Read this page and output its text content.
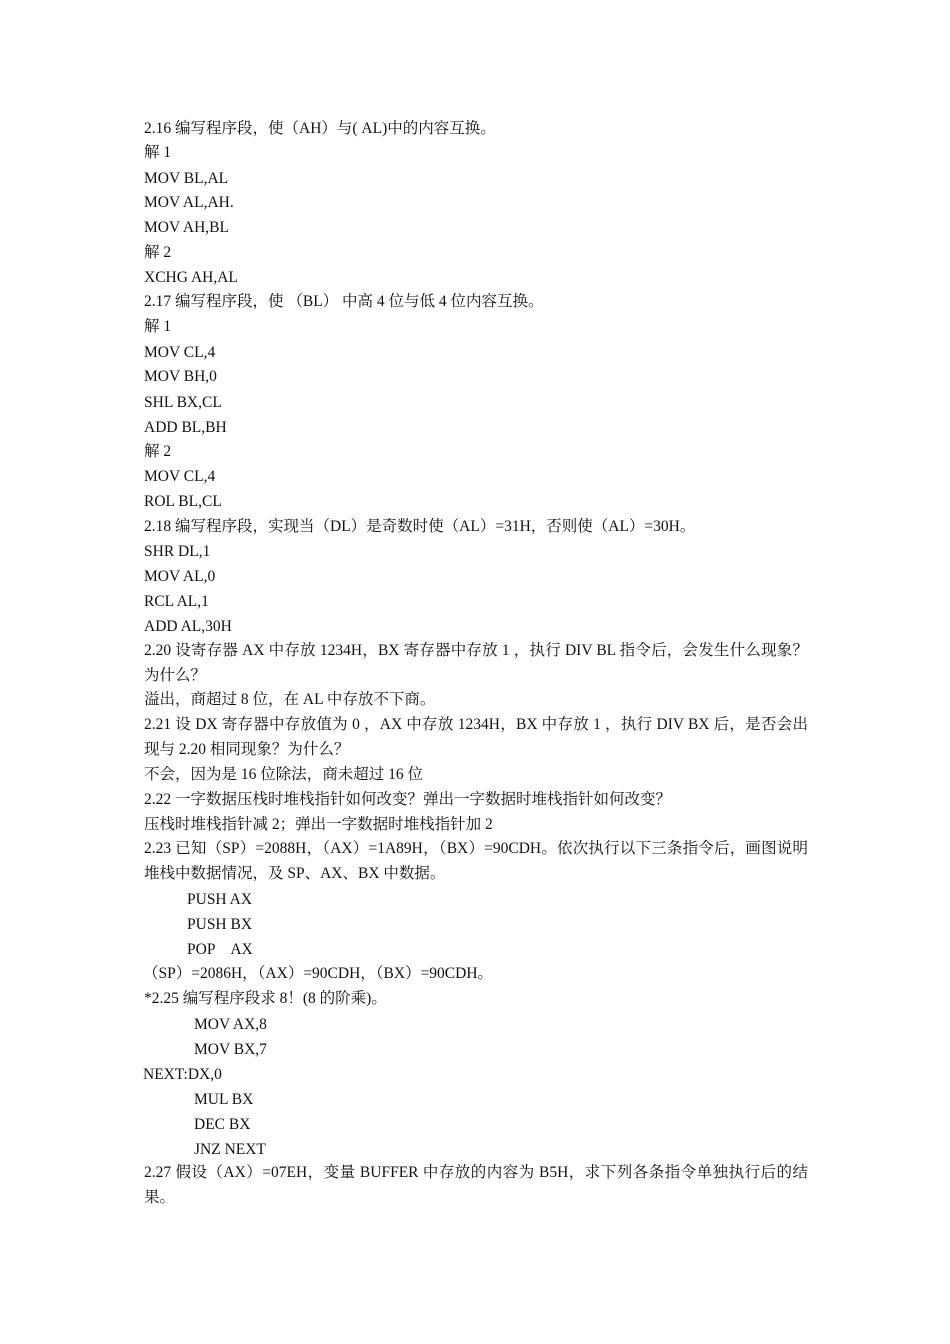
2.16 编写程序段，使（AH）与( AL)中的内容互换。
解 1
MOV BL,AL
MOV AL,AH.
MOV AH,BL
解 2
XCHG AH,AL
2.17 编写程序段，使 （BL） 中高 4 位与低 4 位内容互换。
解 1
MOV CL,4
MOV BH,0
SHL BX,CL
ADD BL,BH
解 2
MOV CL,4
ROL BL,CL
2.18 编写程序段，实现当（DL）是奇数时使（AL）=31H，否则使（AL）=30H。
SHR DL,1
MOV AL,0
RCL AL,1
ADD AL,30H
2.20 设寄存器 AX 中存放 1234H，BX 寄存器中存放 1 ，执行 DIV BL 指令后，会发生什么现象？为什么？
溢出，商超过 8 位，在 AL 中存放不下商。
2.21 设 DX 寄存器中存放值为 0 ，AX 中存放 1234H，BX 中存放 1 ，执行 DIV BX 后，是否会出现与 2.20 相同现象？为什么？
不会，因为是 16 位除法，商未超过 16 位
2.22 一字数据压栈时堆栈指针如何改变？弹出一字数据时堆栈指针如何改变？
压栈时堆栈指针减 2；弹出一字数据时堆栈指针加 2
2.23 已知（SP）=2088H，（AX）=1A89H，（BX）=90CDH。依次执行以下三条指令后，画图说明堆栈中数据情况，及 SP、AX、BX 中数据。
PUSH AX
PUSH BX
POP　AX
（SP）=2086H，（AX）=90CDH，（BX）=90CDH。
*2.25 编写程序段求 8！(8 的阶乘)。
MOV AX,8
MOV BX,7
NEXT:DX,0
MUL BX
DEC BX
JNZ NEXT
2.27 假设（AX）=07EH，变量 BUFFER 中存放的内容为 B5H，求下列各条指令单独执行后的结果。
